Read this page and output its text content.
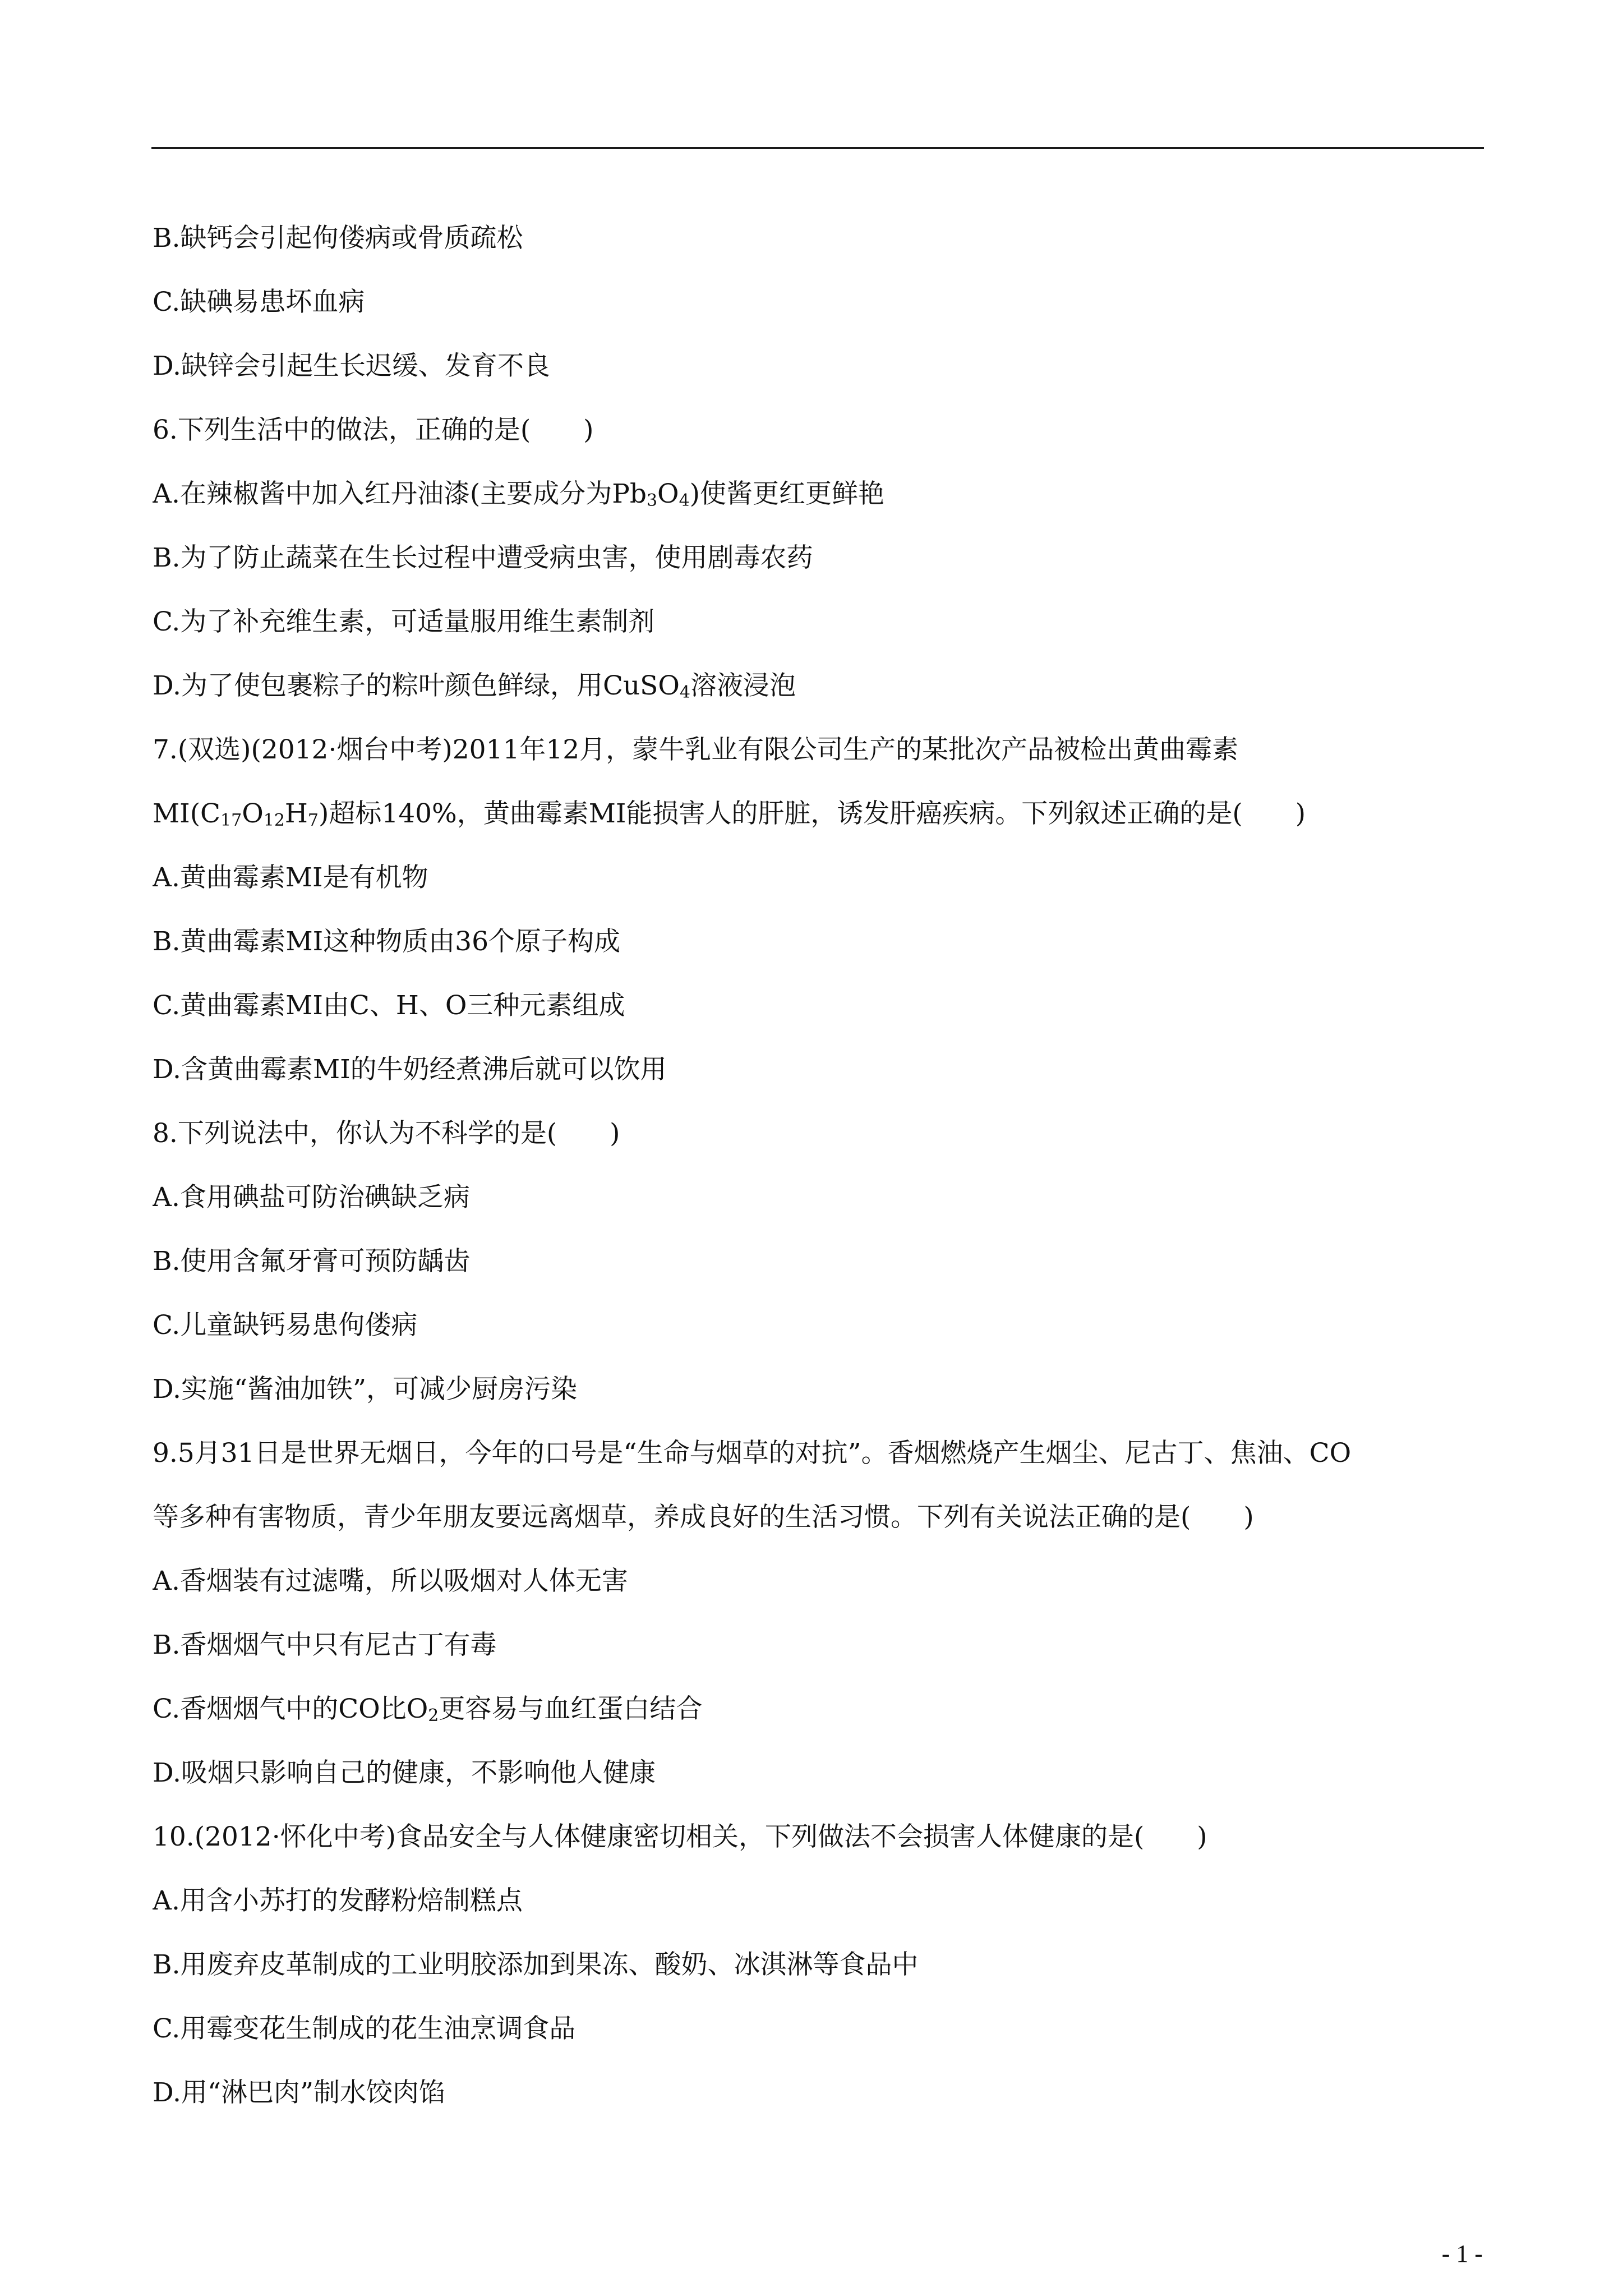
B.缺钙会引起佝偻病或骨质疏松
C.缺碘易患坏血病
D.缺锌会引起生长迟缓、发育不良
6.下列生活中的做法，正确的是(　　)
A.在辣椒酱中加入红丹油漆(主要成分为$Pb_3O_4$)使酱更红更鲜艳
B.为了防止蔬菜在生长过程中遭受病虫害，使用剧毒农药
C.为了补充维生素，可适量服用维生素制剂
D.为了使包裹粽子的粽叶颜色鲜绿，用CuSO$_4$溶液浸泡
7.(双选)(2012·烟台中考)2011年12月，蒙牛乳业有限公司生产的某批次产品被检出黄曲霉素
$MI(C_{17}O_{12}H_7)$超标140%，黄曲霉素MI能损害人的肝脏，诱发肝癌疾病。下列叙述正确的是(　　)
A.黄曲霉素MI是有机物
B.黄曲霉素MI这种物质由36个原子构成
C.黄曲霉素MI由C、H、O三种元素组成
D.含黄曲霉素MI的牛奶经煮沸后就可以饮用
8.下列说法中，你认为不科学的是(　　)
A.食用碘盐可防治碘缺乏病
B.使用含氟牙膏可预防龋齿
C.儿童缺钙易患佝偻病
D.实施“酱油加铁”，可减少厨房污染
9.5月31日是世界无烟日，今年的口号是“生命与烟草的对抗”。香烟燃烧产生烟尘、尼古丁、焦油、CO
等多种有害物质，青少年朋友要远离烟草，养成良好的生活习惯。下列有关说法正确的是(　　)
A.香烟装有过滤嘴，所以吸烟对人体无害
B.香烟烟气中只有尼古丁有毒
C.香烟烟气中的CO比$O_2$更容易与血红蛋白结合
D.吸烟只影响自己的健康，不影响他人健康
10.(2012·怀化中考)食品安全与人体健康密切相关，下列做法不会损害人体健康的是(　　)
A.用含小苏打的发酵粉焙制糕点
B.用废弃皮革制成的工业明胶添加到果冻、酸奶、冰淇淋等食品中
C.用霉变花生制成的花生油烹调食品
D.用“淋巴肉”制水饺肉馅
- 1 -
